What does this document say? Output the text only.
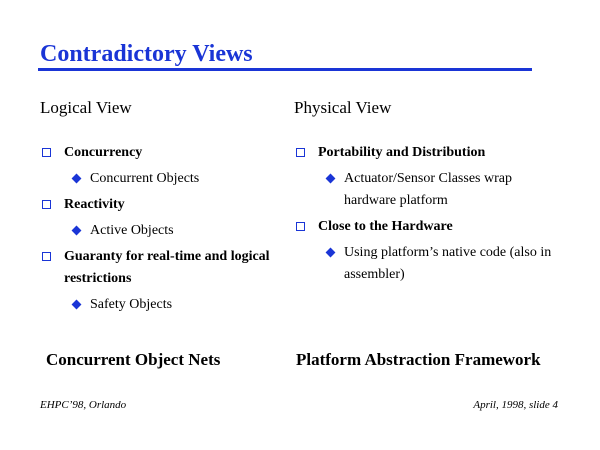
Contradictory Views
Logical View
Concurrency
Concurrent Objects
Reactivity
Active Objects
Guaranty for real-time and logical restrictions
Safety Objects
Physical View
Portability and Distribution
Actuator/Sensor Classes wrap hardware platform
Close to the Hardware
Using platform’s native code (also in assembler)
Concurrent Object Nets	Platform Abstraction Framework
EHPC’98, Orlando	April, 1998, slide 4
